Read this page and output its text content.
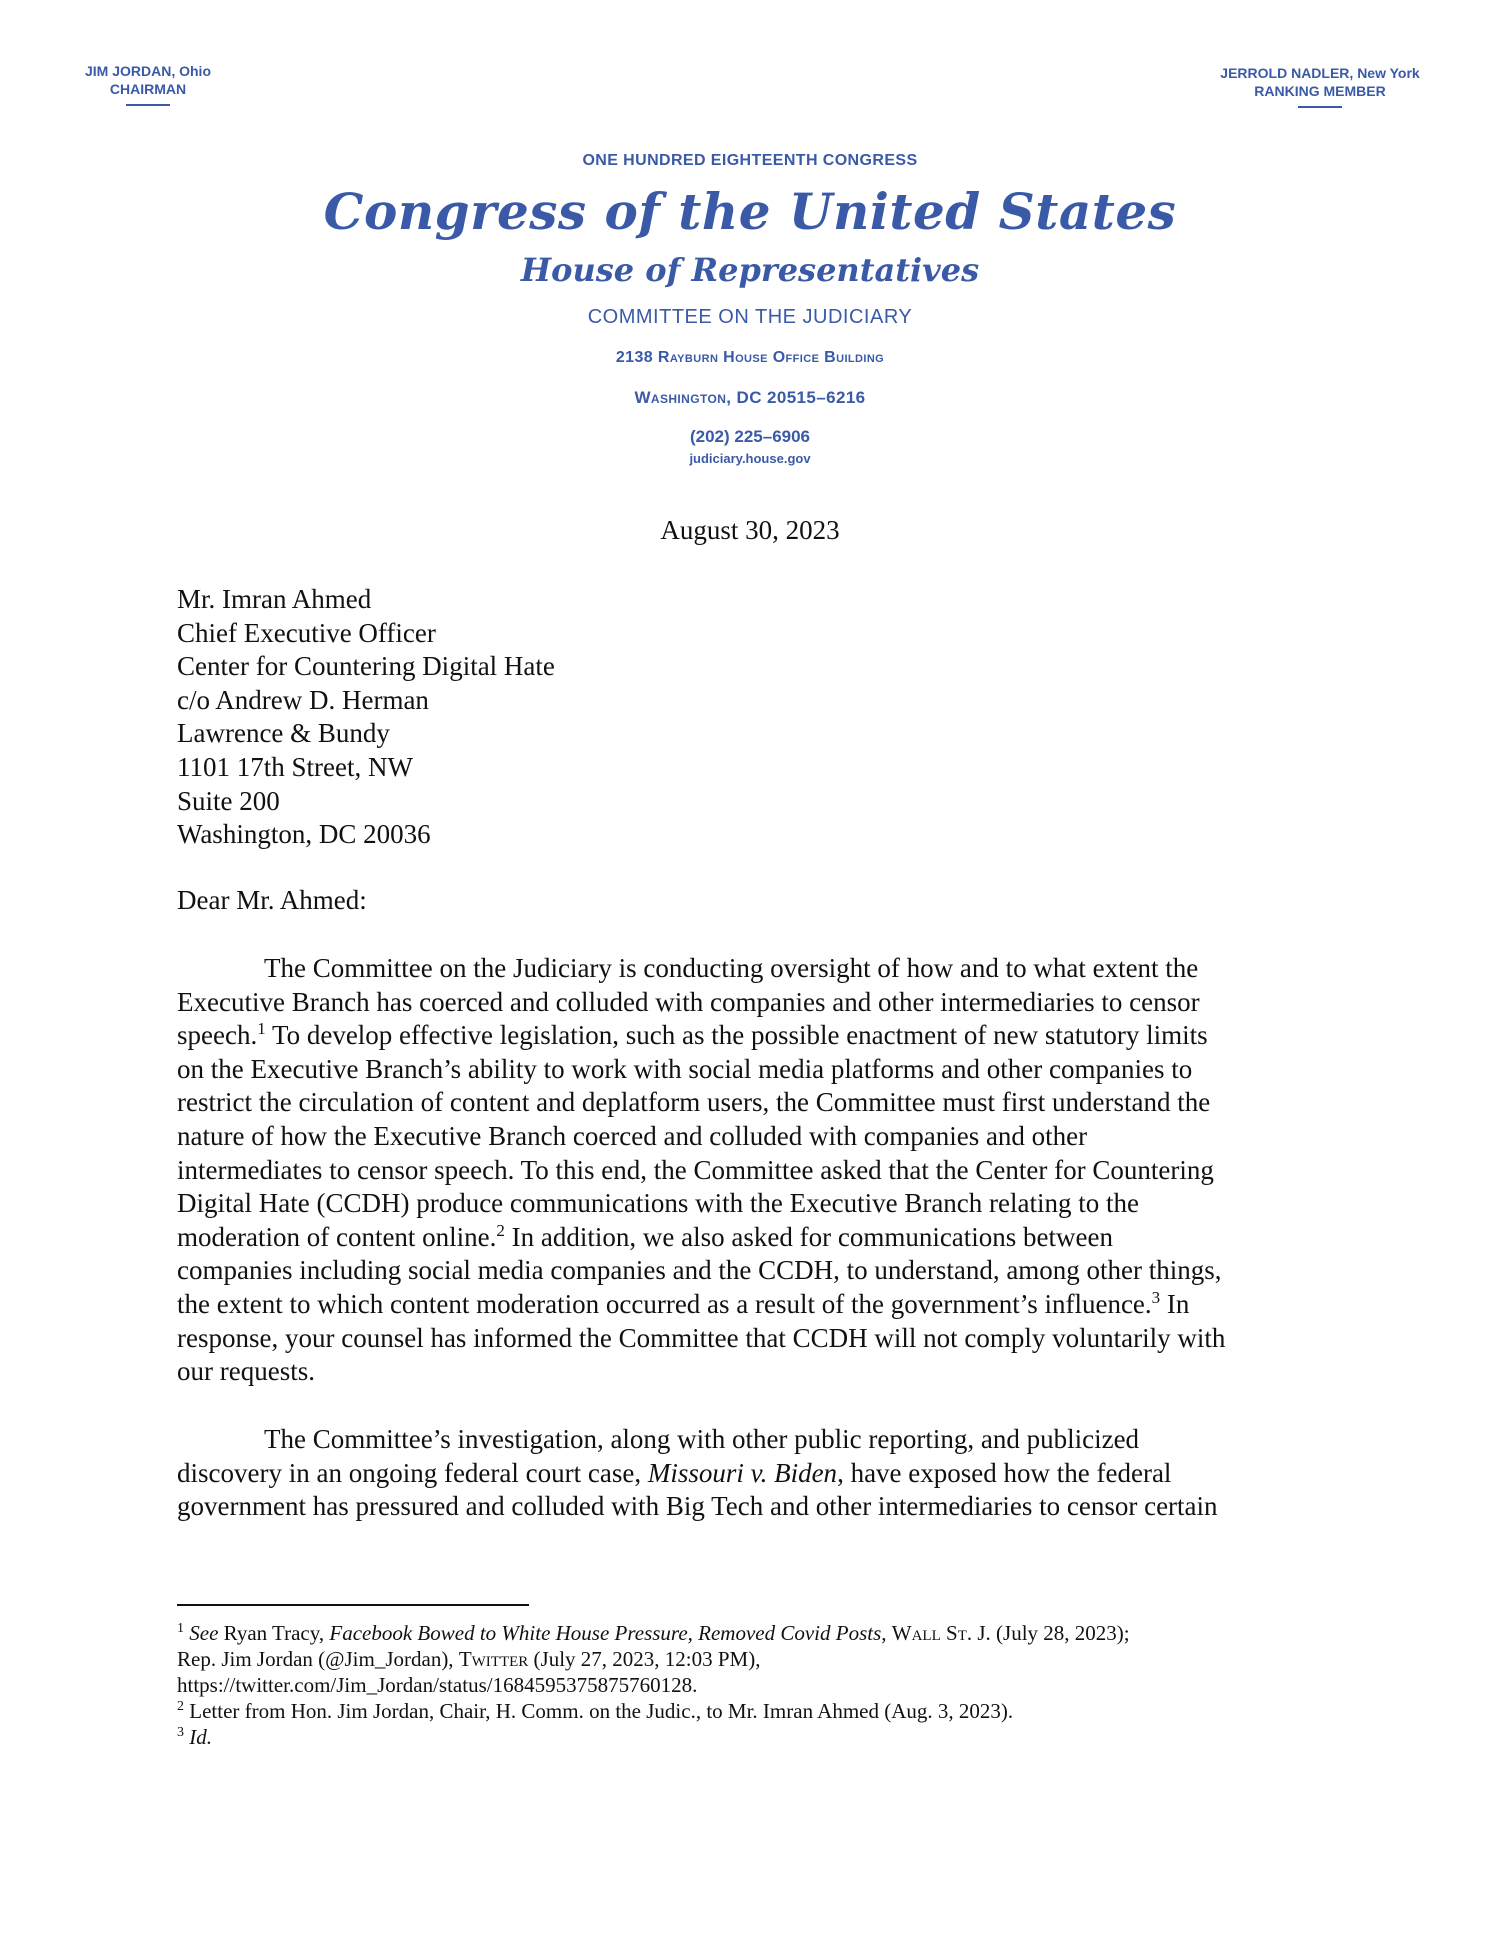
JIM JORDAN, Ohio
CHAIRMAN
JERROLD NADLER, New York
RANKING MEMBER
ONE HUNDRED EIGHTEENTH CONGRESS
Congress of the United States
House of Representatives
COMMITTEE ON THE JUDICIARY
2138 Rayburn House Office Building
Washington, DC 20515–6216
(202) 225–6906
judiciary.house.gov
August 30, 2023
Mr. Imran Ahmed
Chief Executive Officer
Center for Countering Digital Hate
c/o Andrew D. Herman
Lawrence & Bundy
1101 17th Street, NW
Suite 200
Washington, DC 20036
Dear Mr. Ahmed:
The Committee on the Judiciary is conducting oversight of how and to what extent the
Executive Branch has coerced and colluded with companies and other intermediaries to censor
speech.$^1$ To develop effective legislation, such as the possible enactment of new statutory limits
on the Executive Branch’s ability to work with social media platforms and other companies to
restrict the circulation of content and deplatform users, the Committee must first understand the
nature of how the Executive Branch coerced and colluded with companies and other
intermediates to censor speech. To this end, the Committee asked that the Center for Countering
Digital Hate (CCDH) produce communications with the Executive Branch relating to the
moderation of content online.$^2$ In addition, we also asked for communications between
companies including social media companies and the CCDH, to understand, among other things,
the extent to which content moderation occurred as a result of the government’s influence.$^3$ In
response, your counsel has informed the Committee that CCDH will not comply voluntarily with
our requests.
The Committee’s investigation, along with other public reporting, and publicized
discovery in an ongoing federal court case, Missouri v. Biden, have exposed how the federal
government has pressured and colluded with Big Tech and other intermediaries to censor certain
$^1$ See Ryan Tracy, Facebook Bowed to White House Pressure, Removed Covid Posts, Wall St. J. (July 28, 2023);
Rep. Jim Jordan (@Jim_Jordan), Twitter (July 27, 2023, 12:03 PM),
https://twitter.com/Jim_Jordan/status/1684595375875760128.
$^2$ Letter from Hon. Jim Jordan, Chair, H. Comm. on the Judic., to Mr. Imran Ahmed (Aug. 3, 2023).
$^3$ Id.
